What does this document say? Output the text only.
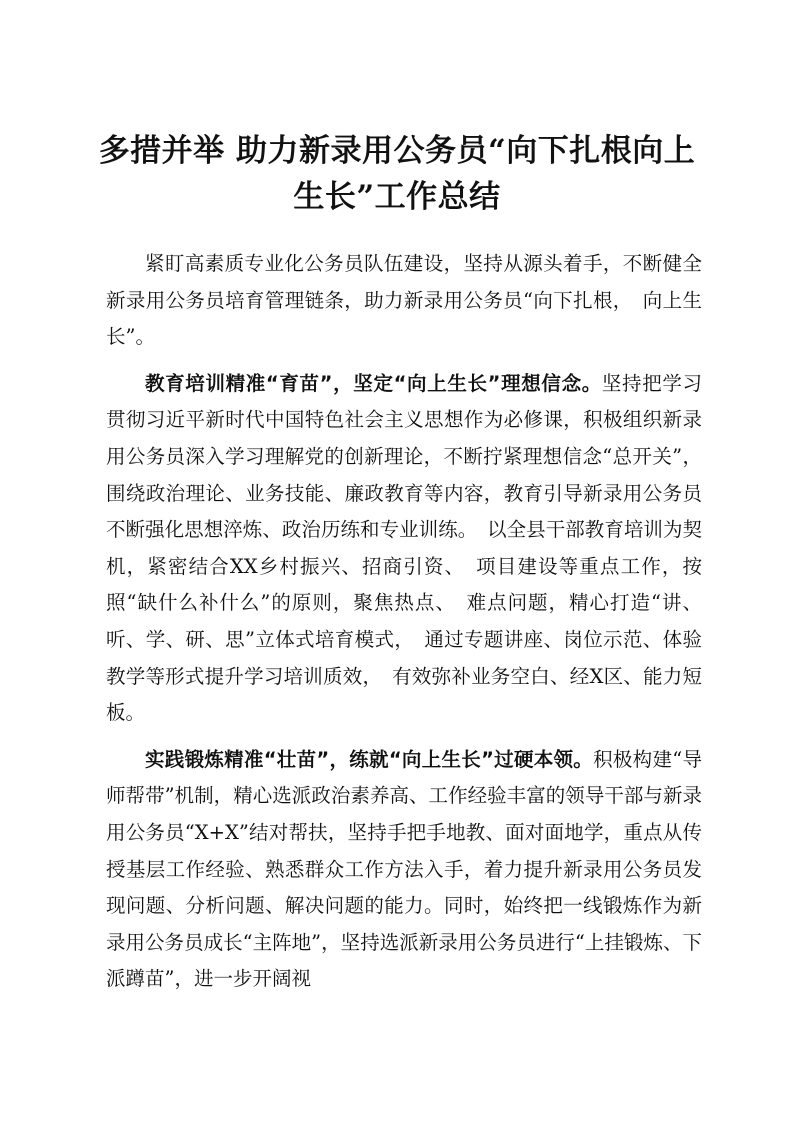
多措并举 助力新录用公务员“向下扎根向上生长”工作总结

紧盯高素质专业化公务员队伍建设，坚持从源头着手，不断健全新录用公务员培育管理链条，助力新录用公务员“向下扎根，　向上生长”。

教育培训精准“育苗”，坚定“向上生长”理想信念。坚持把学习贯彻习近平新时代中国特色社会主义思想作为必修课，积极组织新录用公务员深入学习理解党的创新理论，不断拧紧理想信念“总开关”，围绕政治理论、业务技能、廉政教育等内容，教育引导新录用公务员不断强化思想淬炼、政治历练和专业训练。　以全县干部教育培训为契机，紧密结合XX乡村振兴、招商引资、　项目建设等重点工作，按照“缺什么补什么”的原则，聚焦热点、　难点问题，精心打造“讲、听、学、研、思”立体式培育模式，　通过专题讲座、岗位示范、体验教学等形式提升学习培训质效，　有效弥补业务空白、经X区、能力短板。

实践锻炼精准“壮苗”，练就“向上生长”过硬本领。积极构建“导师帮带”机制，精心选派政治素养高、工作经验丰富的领导干部与新录用公务员“X+X”结对帮扶，坚持手把手地教、面对面地学，重点从传授基层工作经验、熟悉群众工作方法入手，着力提升新录用公务员发现问题、分析问题、解决问题的能力。同时，始终把一线锻炼作为新录用公务员成长“主阵地”，坚持选派新录用公务员进行“上挂锻炼、下派蹲苗”，进一步开阔视
